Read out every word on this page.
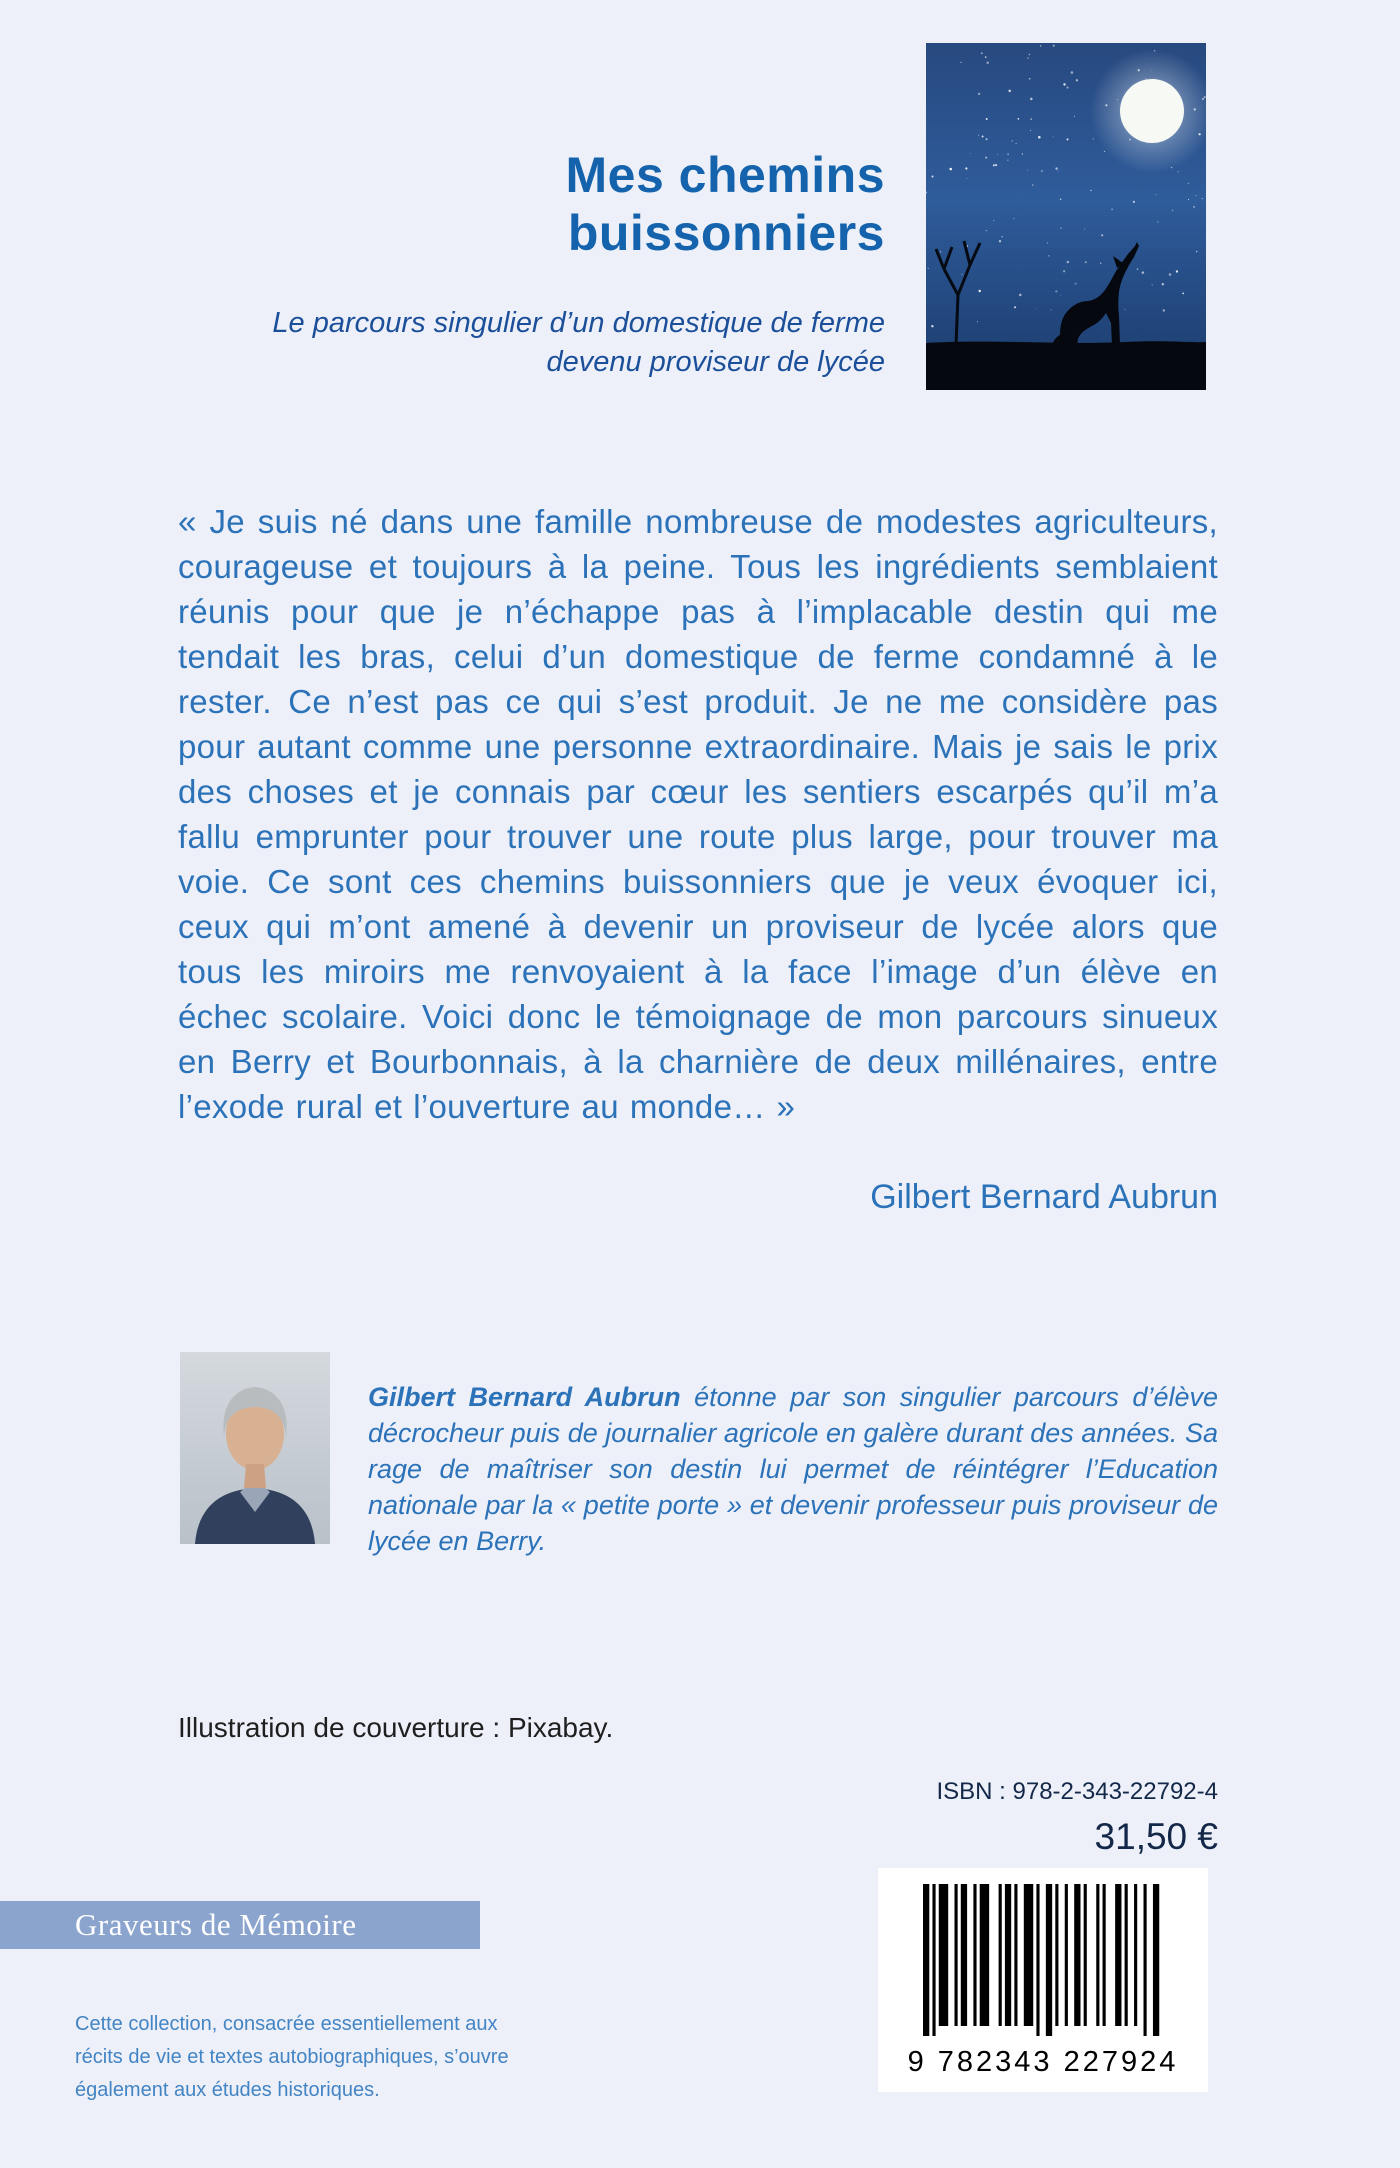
Mes chemins
buissonniers
Le parcours singulier d’un domestique de ferme devenu proviseur de lycée

« Je suis né dans une famille nombreuse de modestes agriculteurs, courageuse et toujours à la peine. Tous les ingrédients semblaient réunis pour que je n’échappe pas à l’implacable destin qui me tendait les bras, celui d’un domestique de ferme condamné à le rester. Ce n’est pas ce qui s’est produit. Je ne me considère pas pour autant comme une personne extraordinaire. Mais je sais le prix des choses et je connais par cœur les sentiers escarpés qu’il m’a fallu emprunter pour trouver une route plus large, pour trouver ma voie. Ce sont ces chemins buissonniers que je veux évoquer ici, ceux qui m’ont amené à devenir un proviseur de lycée alors que tous les miroirs me renvoyaient à la face l’image d’un élève en échec scolaire. Voici donc le témoignage de mon parcours sinueux en Berry et Bourbonnais, à la charnière de deux millénaires, entre l’exode rural et l’ouverture au monde… »

Gilbert Bernard Aubrun

Gilbert Bernard Aubrun étonne par son singulier parcours d’élève décrocheur puis de journalier agricole en galère durant des années. Sa rage de maîtriser son destin lui permet de réintégrer l’Education nationale par la « petite porte » et devenir professeur puis proviseur de lycée en Berry.

Illustration de couverture : Pixabay.
ISBN : 978-2-343-22792-4
31,50 €
Graveurs de Mémoire

Cette collection, consacrée essentiellement aux récits de vie et textes autobiographiques, s’ouvre également aux études historiques.

9 782343 227924
